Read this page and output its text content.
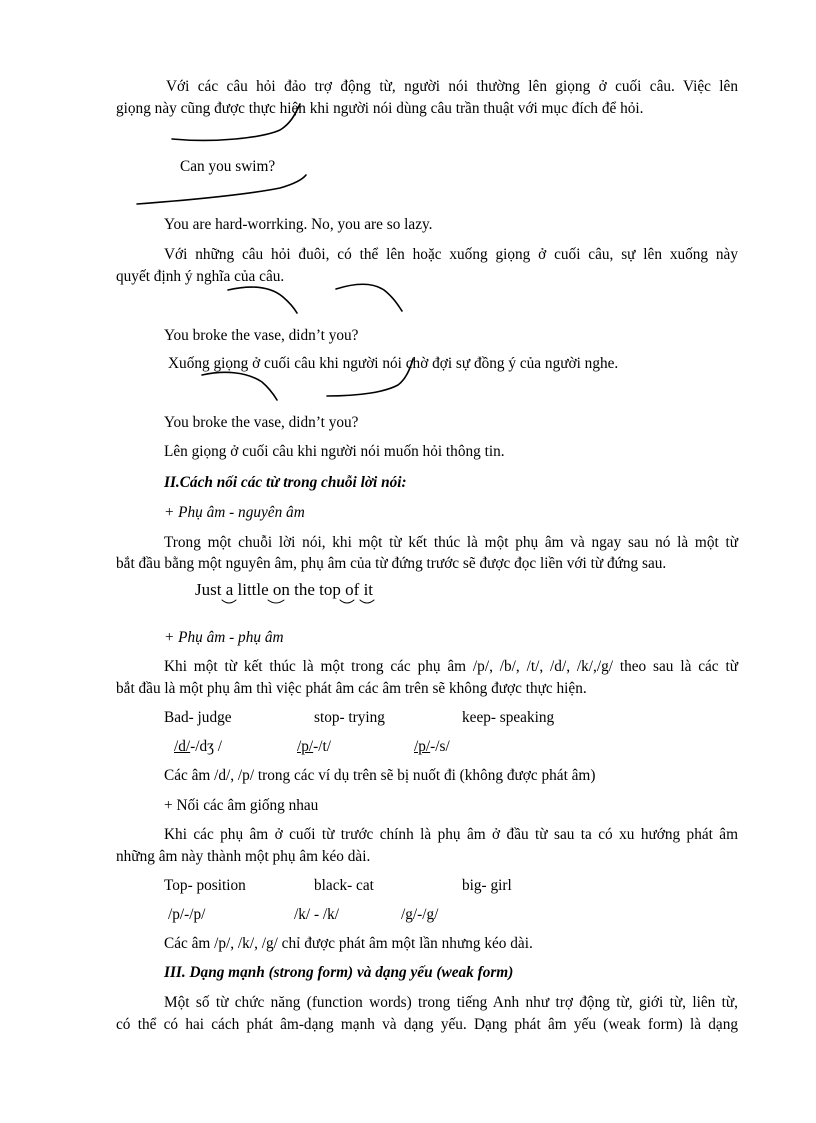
Với các câu hỏi đảo trợ động từ, người nói thường lên giọng ở cuối câu. Việc lên
giọng này cũng được thực hiện khi người nói dùng câu trần thuật với mục đích để hỏi.
Can you swim?
You are hard-worrking. No, you are so lazy.
Với những câu hỏi đuôi, có thể lên hoặc xuống giọng ở cuối câu, sự lên xuống này
quyết định ý nghĩa của câu.
You broke the vase, didn’t you?
Xuống giọng ở cuối câu khi người nói chờ đợi sự đồng ý của người nghe.
You broke the vase, didn’t you?
Lên giọng ở cuối câu khi người nói muốn hỏi thông tin.
II.Cách nối các từ trong chuỗi lời nói:
+ Phụ âm - nguyên âm
Trong một chuỗi lời nói, khi một từ kết thúc là một phụ âm và ngay sau nó là một từ
bắt đầu bằng một nguyên âm, phụ âm của từ đứng trước sẽ được đọc liền với từ đứng sau.
Just a little on the top of it
+ Phụ âm - phụ âm
Khi một từ kết thúc là một trong các phụ âm /p/, /b/, /t/, /d/, /k/,/g/ theo sau là các từ
bắt đầu là một phụ âm thì việc phát âm các âm trên sẽ không được thực hiện.
Bad- judge	stop- trying	keep- speaking
/d/-/dʒ /	/p/-/t/	/p/-/s/
Các âm /d/, /p/ trong các ví dụ trên sẽ bị nuốt đi (không được phát âm)
+ Nối các âm giống nhau
Khi các phụ âm ở cuối từ trước chính là phụ âm ở đầu từ sau ta có xu hướng phát âm
những âm này thành một phụ âm kéo dài.
Top- position	black- cat	big- girl
/p/-/p/	/k/ - /k/	/g/-/g/
Các âm /p/, /k/, /g/ chỉ được phát âm một lần nhưng kéo dài.
III. Dạng mạnh (strong form) và dạng yếu (weak form)
Một số từ chức năng (function words) trong tiếng Anh như trợ động từ, giới từ, liên từ,
có thể có hai cách phát âm-dạng mạnh và dạng yếu. Dạng phát âm yếu (weak form) là dạng
